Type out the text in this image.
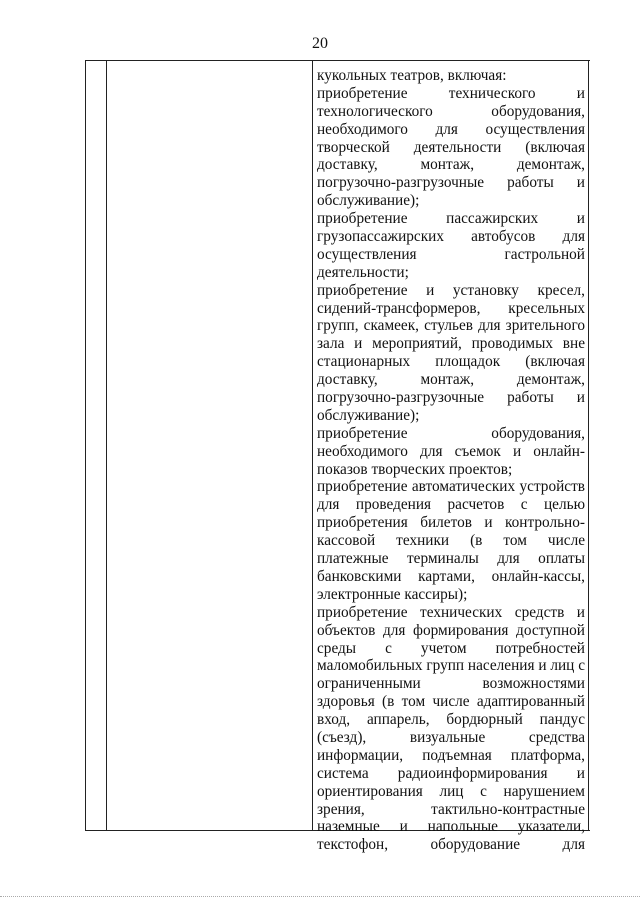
20
кукольных театров, включая:
приобретение технического и
технологического оборудования,
необходимого для осуществления
творческой деятельности (включая
доставку, монтаж, демонтаж,
погрузочно-разгрузочные работы и
обслуживание);
приобретение пассажирских и
грузопассажирских автобусов для
осуществления гастрольной
деятельности;
приобретение и установку кресел,
сидений-трансформеров, кресельных
групп, скамеек, стульев для зрительного
зала и мероприятий, проводимых вне
стационарных площадок (включая
доставку, монтаж, демонтаж,
погрузочно-разгрузочные работы и
обслуживание);
приобретение оборудования,
необходимого для съемок и онлайн-
показов творческих проектов;
приобретение автоматических устройств
для проведения расчетов с целью
приобретения билетов и контрольно-
кассовой техники (в том числе
платежные терминалы для оплаты
банковскими картами, онлайн-кассы,
электронные кассиры);
приобретение технических средств и
объектов для формирования доступной
среды с учетом потребностей
маломобильных групп населения и лиц с
ограниченными возможностями
здоровья (в том числе адаптированный
вход, аппарель, бордюрный пандус
(съезд), визуальные средства
информации, подъемная платформа,
система радиоинформирования и
ориентирования лиц с нарушением
зрения, тактильно-контрастные
наземные и напольные указатели,
текстофон, оборудование для
